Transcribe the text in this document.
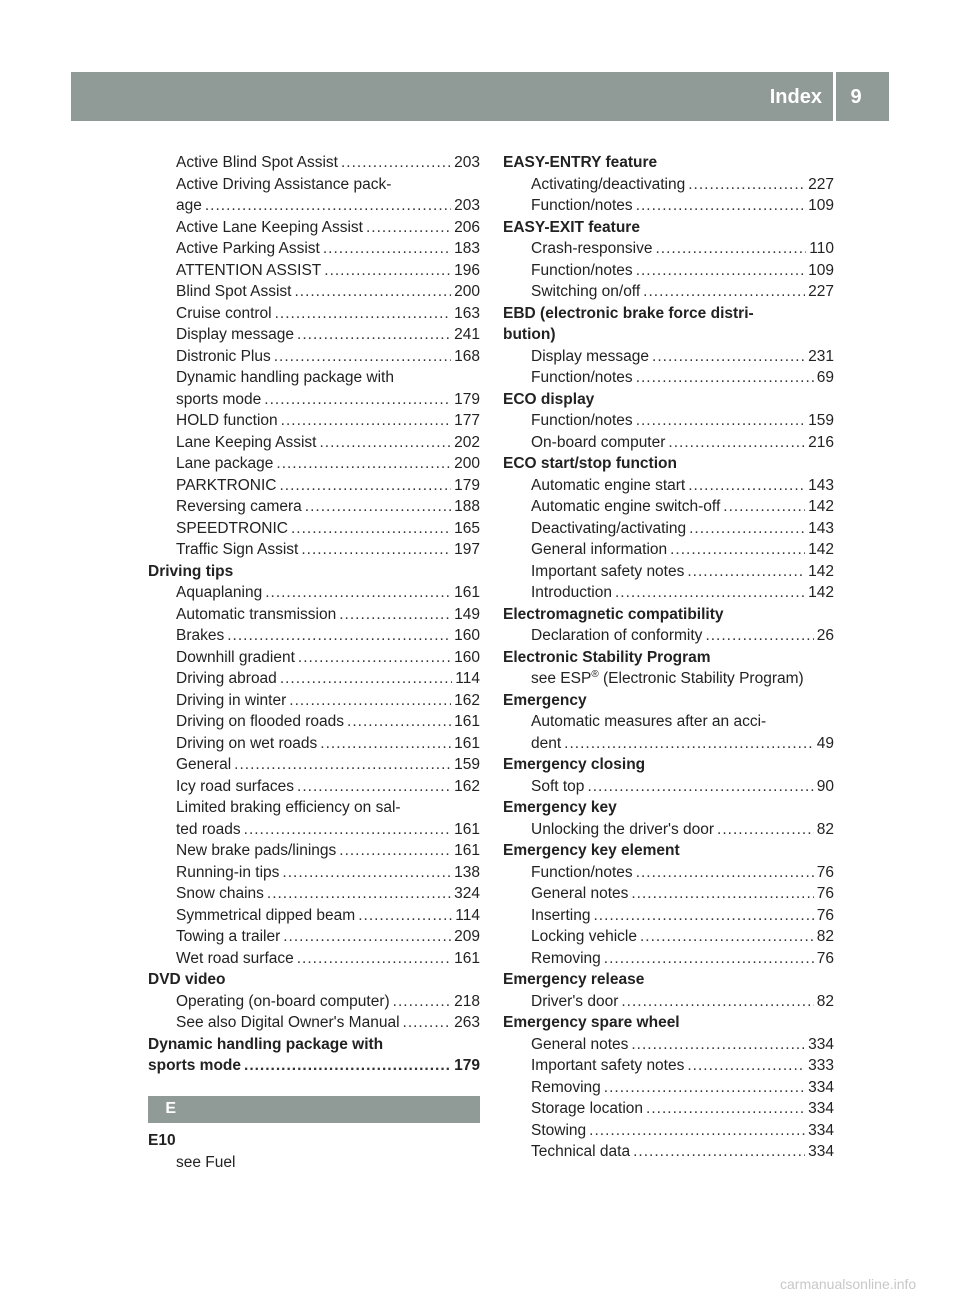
Index 9
Active Blind Spot Assist .....	203
Active Driving Assistance pack-
age .....	203
Active Lane Keeping Assist .....	206
Active Parking Assist .....	183
ATTENTION ASSIST .....	196
Blind Spot Assist .....	200
Cruise control .....	163
Display message .....	241
Distronic Plus .....	168
Dynamic handling package with
sports mode .....	179
HOLD function .....	177
Lane Keeping Assist .....	202
Lane package .....	200
PARKTRONIC .....	179
Reversing camera .....	188
SPEEDTRONIC .....	165
Traffic Sign Assist .....	197
Driving tips
Aquaplaning .....	161
Automatic transmission .....	149
Brakes .....	160
Downhill gradient .....	160
Driving abroad .....	114
Driving in winter .....	162
Driving on flooded roads .....	161
Driving on wet roads .....	161
General .....	159
Icy road surfaces .....	162
Limited braking efficiency on sal-
ted roads .....	161
New brake pads/linings .....	161
Running-in tips .....	138
Snow chains .....	324
Symmetrical dipped beam .....	114
Towing a trailer .....	209
Wet road surface .....	161
DVD video
Operating (on-board computer) .....	218
See also Digital Owner's Manual .....	263
Dynamic handling package with
sports mode .....	179
E
E10
see Fuel
EASY-ENTRY feature
Activating/deactivating .....	227
Function/notes .....	109
EASY-EXIT feature
Crash-responsive .....	110
Function/notes .....	109
Switching on/off .....	227
EBD (electronic brake force distri-
bution)
Display message .....	231
Function/notes .....	69
ECO display
Function/notes .....	159
On-board computer .....	216
ECO start/stop function
Automatic engine start .....	143
Automatic engine switch-off .....	142
Deactivating/activating .....	143
General information .....	142
Important safety notes .....	142
Introduction .....	142
Electromagnetic compatibility
Declaration of conformity .....	26
Electronic Stability Program
see ESP® (Electronic Stability Program)
Emergency
Automatic measures after an acci-
dent .....	49
Emergency closing
Soft top .....	90
Emergency key
Unlocking the driver's door .....	82
Emergency key element
Function/notes .....	76
General notes .....	76
Inserting .....	76
Locking vehicle .....	82
Removing .....	76
Emergency release
Driver's door .....	82
Emergency spare wheel
General notes .....	334
Important safety notes .....	333
Removing .....	334
Storage location .....	334
Stowing .....	334
Technical data .....	334
carmanualsonline.info
